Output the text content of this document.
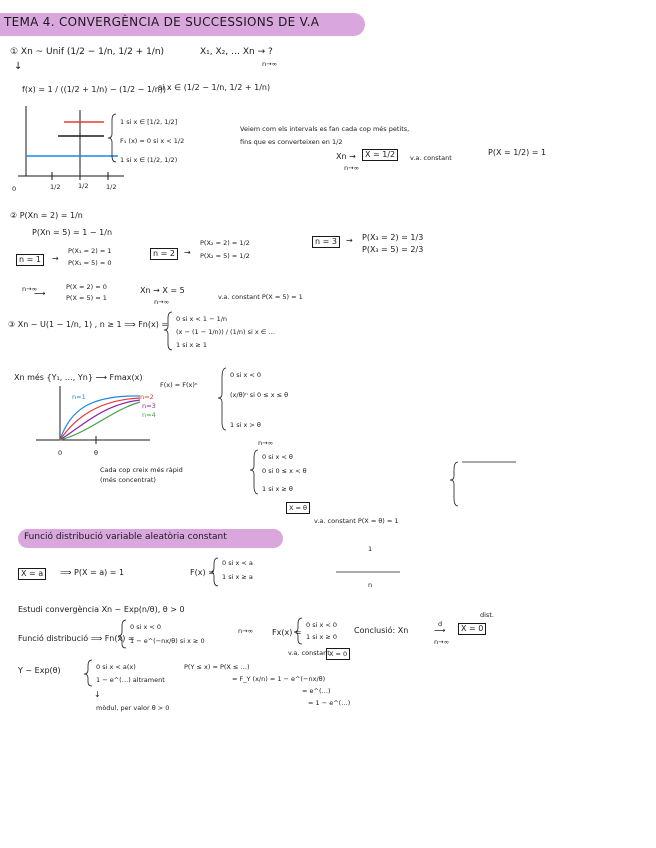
TEMA 4. CONVERGÈNCIA DE SUCCESSIONS DE V.A
① Xn ~ Unif (1/2 − 1/n, 1/2 + 1/n)	X₁, X₂, … Xn → ?
n→∞
↓
f(x) = 1 / ((1/2 + 1/n) − (1/2 − 1/n))
si x ∈ (1/2 − 1/n, 1/2 + 1/n)
1 si x ∈ [1/2, 1/2]
F₁ (x) = 0 si x < 1/2
1 si x ∈ (1/2, 1/2)
0	1/2	1/2	1/2
Veiem com els intervals es fan cada cop més petits,
fins que es converteixen en 1/2
Xn →	X = 1/2
n→∞
v.a. constant
P(X = 1/2) = 1
② P(Xn = 2) = 1/n
P(Xn = 5) = 1 − 1/n
n = 1	→
P(X₁ = 2) = 1
P(X₁ = 5) = 0
n = 2	→
P(X₂ = 2) = 1/2
P(X₂ = 5) = 1/2
n = 3	→ P(X₃ = 2) = 1/3
P(X₃ = 5) = 2/3
n→∞
⟶
P(X = 2) = 0
P(X = 5) = 1
Xn → X = 5
n→∞
v.a. constant P(X = 5) = 1
③ Xn ~ U(1 − 1/n, 1) , n ≥ 1 ⟹ Fn(x) =
0 si x < 1 − 1/n
(x − (1 − 1/n)) / (1/n) si x ∈ …
1 si x ≥ 1
Xn més {Y₁, …, Yn} ⟶ Fmax(x)
F(x) = F(x)ⁿ
n=1	n=2
n=3
n=4
0	θ
Cada cop creix més ràpid (més concentrat)
0 si x < 0
(x/θ)ⁿ si 0 ≤ x ≤ θ
1 si x > θ
n→∞
0 si x < θ
0 si 0 ≤ x < θ
1 si x ≥ θ
X = θ
v.a. constant P(X = θ) = 1
Funció distribució variable aleatòria constant
X = a	⟹ P(X = a) = 1	F(x) =
0 si x < a
1 si x ≥ a
1
n
Estudi convergència Xn ~ Exp(n/θ), θ > 0
Funció distribució ⟹ Fn(x) =
0 si x < 0
1 − e^(−nx/θ) si x ≥ 0
n→∞ Fx(x) =
0 si x < 0
1 si x ≥ 0
v.a. constant X = 0
Conclusió: Xn
d
⟶
n→∞
X = 0
dist.
Y ~ Exp(θ)	0 si x < a(x)
1 − e^(…) altrament
P(Y ≤ x) = P(X ≤ …)
= F_Y (x/n) = 1 − e^(−nx/θ)
= e^(…)
= 1 − e^(…)
↓
mòdul, per valor θ > 0
